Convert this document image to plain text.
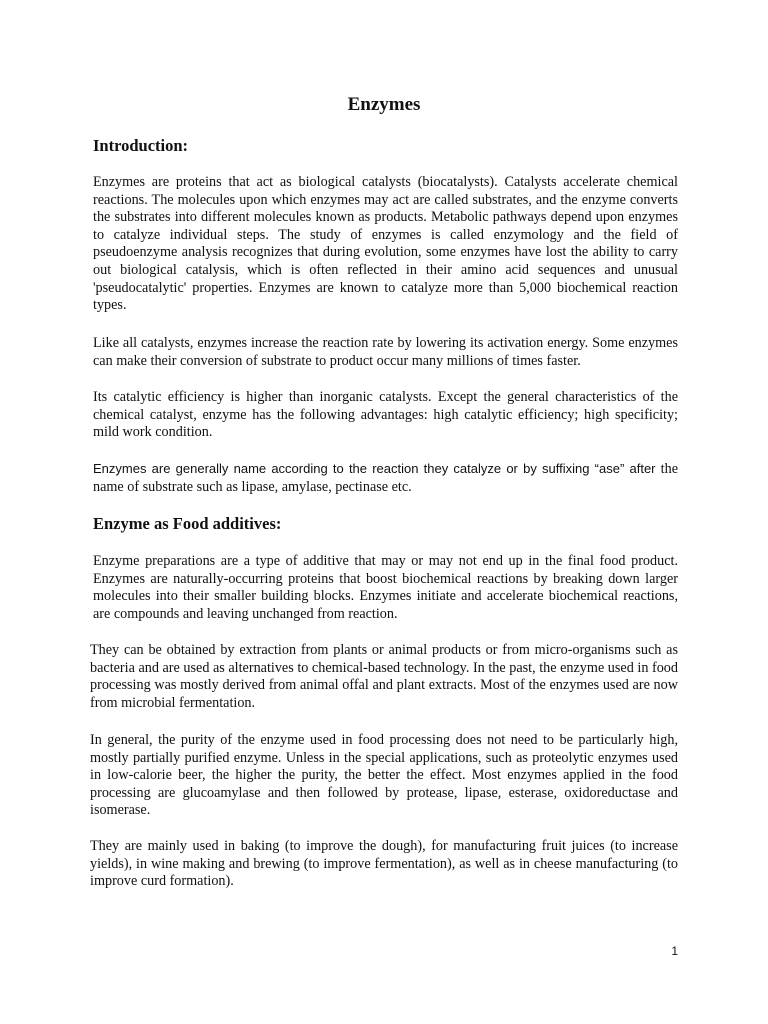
Enzymes
Introduction:

Enzymes are proteins that act as biological catalysts (biocatalysts). Catalysts accelerate chemical reactions. The molecules upon which enzymes may act are called substrates, and the enzyme converts the substrates into different molecules known as products. Metabolic pathways depend upon enzymes to catalyze individual steps. The study of enzymes is called enzymology and the field of pseudoenzyme analysis recognizes that during evolution, some enzymes have lost the ability to carry out biological catalysis, which is often reflected in their amino acid sequences and unusual 'pseudocatalytic' properties. Enzymes are known to catalyze more than 5,000 biochemical reaction types.

Like all catalysts, enzymes increase the reaction rate by lowering its activation energy. Some enzymes can make their conversion of substrate to product occur many millions of times faster.

Its catalytic efficiency is higher than inorganic catalysts. Except the general characteristics of the chemical catalyst, enzyme has the following advantages: high catalytic efficiency; high specificity; mild work condition.

Enzymes are generally name according to the reaction they catalyze or by suffixing “ase” after the name of substrate such as lipase, amylase, pectinase etc.

Enzyme as Food additives:

Enzyme preparations are a type of additive that may or may not end up in the final food product. Enzymes are naturally-occurring proteins that boost biochemical reactions by breaking down larger molecules into their smaller building blocks. Enzymes initiate and accelerate biochemical reactions, are compounds and leaving unchanged from reaction.

They can be obtained by extraction from plants or animal products or from micro-organisms such as bacteria and are used as alternatives to chemical-based technology. In the past, the enzyme used in food processing was mostly derived from animal offal and plant extracts. Most of the enzymes used are now from microbial fermentation.

In general, the purity of the enzyme used in food processing does not need to be particularly high, mostly partially purified enzyme. Unless in the special applications, such as proteolytic enzymes used in low-calorie beer, the higher the purity, the better the effect. Most enzymes applied in the food processing are glucoamylase and then followed by protease, lipase, esterase, oxidoreductase and isomerase.

They are mainly used in baking (to improve the dough), for manufacturing fruit juices (to increase yields), in wine making and brewing (to improve fermentation), as well as in cheese manufacturing (to improve curd formation).

1
